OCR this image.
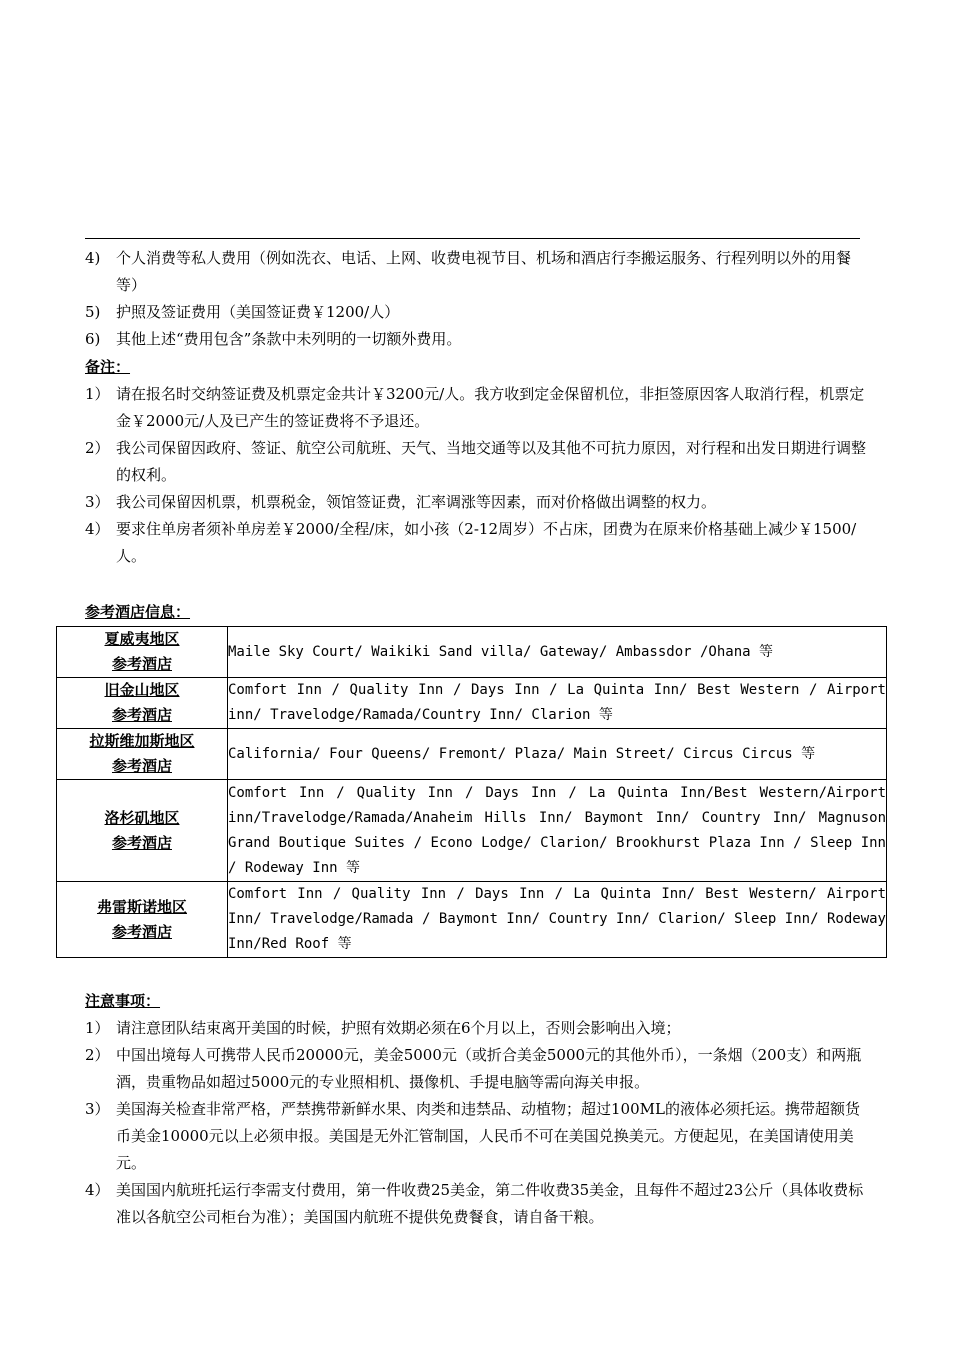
4) 个人消费等私人费用（例如洗衣、电话、上网、收费电视节目、机场和酒店行李搬运服务、行程列明以外的用餐等）
5) 护照及签证费用（美国签证费￥1200/人）
6) 其他上述“费用包含”条款中未列明的一切额外费用。
备注：
1） 请在报名时交纳签证费及机票定金共计￥3200元/人。我方收到定金保留机位，非拒签原因客人取消行程，机票定金￥2000元/人及已产生的签证费将不予退还。
2） 我公司保留因政府、签证、航空公司航班、天气、当地交通等以及其他不可抗力原因，对行程和出发日期进行调整的权利。
3） 我公司保留因机票，机票税金，领馆签证费，汇率调涨等因素，而对价格做出调整的权力。
4） 要求住单房者须补单房差￥2000/全程/床，如小孩（2-12周岁）不占床，团费为在原来价格基础上减少￥1500/人。
参考酒店信息：
夏威夷地区
参考酒店	Maile Sky Court/ Waikiki Sand villa/ Gateway/ Ambassdor /Ohana 等

旧金山地区
参考酒店	Comfort Inn / Quality Inn / Days Inn / La Quinta Inn/ Best Western / Airport inn/ Travelodge/Ramada/Country Inn/ Clarion 等

拉斯维加斯地区
参考酒店	California/ Four Queens/ Fremont/ Plaza/ Main Street/ Circus Circus 等

洛杉矶地区
参考酒店	Comfort Inn / Quality Inn / Days Inn / La Quinta Inn/Best Western/Airport inn/Travelodge/Ramada/Anaheim Hills Inn/ Baymont Inn/ Country Inn/ Magnuson Grand Boutique Suites / Econo Lodge/ Clarion/ Brookhurst Plaza Inn / Sleep Inn / Rodeway Inn 等

弗雷斯诺地区
参考酒店	Comfort Inn / Quality Inn / Days Inn / La Quinta Inn/ Best Western/ Airport Inn/ Travelodge/Ramada / Baymont Inn/ Country Inn/ Clarion/ Sleep Inn/ Rodeway Inn/Red Roof 等
注意事项：
1） 请注意团队结束离开美国的时候，护照有效期必须在6个月以上，否则会影响出入境；
2） 中国出境每人可携带人民币20000元，美金5000元（或折合美金5000元的其他外币），一条烟（200支）和两瓶酒，贵重物品如超过5000元的专业照相机、摄像机、手提电脑等需向海关申报。
3） 美国海关检查非常严格，严禁携带新鲜水果、肉类和违禁品、动植物；超过100ML的液体必须托运。携带超额货币美金10000元以上必须申报。美国是无外汇管制国，人民币不可在美国兑换美元。方便起见，在美国请使用美元。
4） 美国国内航班托运行李需支付费用，第一件收费25美金，第二件收费35美金，且每件不超过23公斤（具体收费标准以各航空公司柜台为准）；美国国内航班不提供免费餐食，请自备干粮。
